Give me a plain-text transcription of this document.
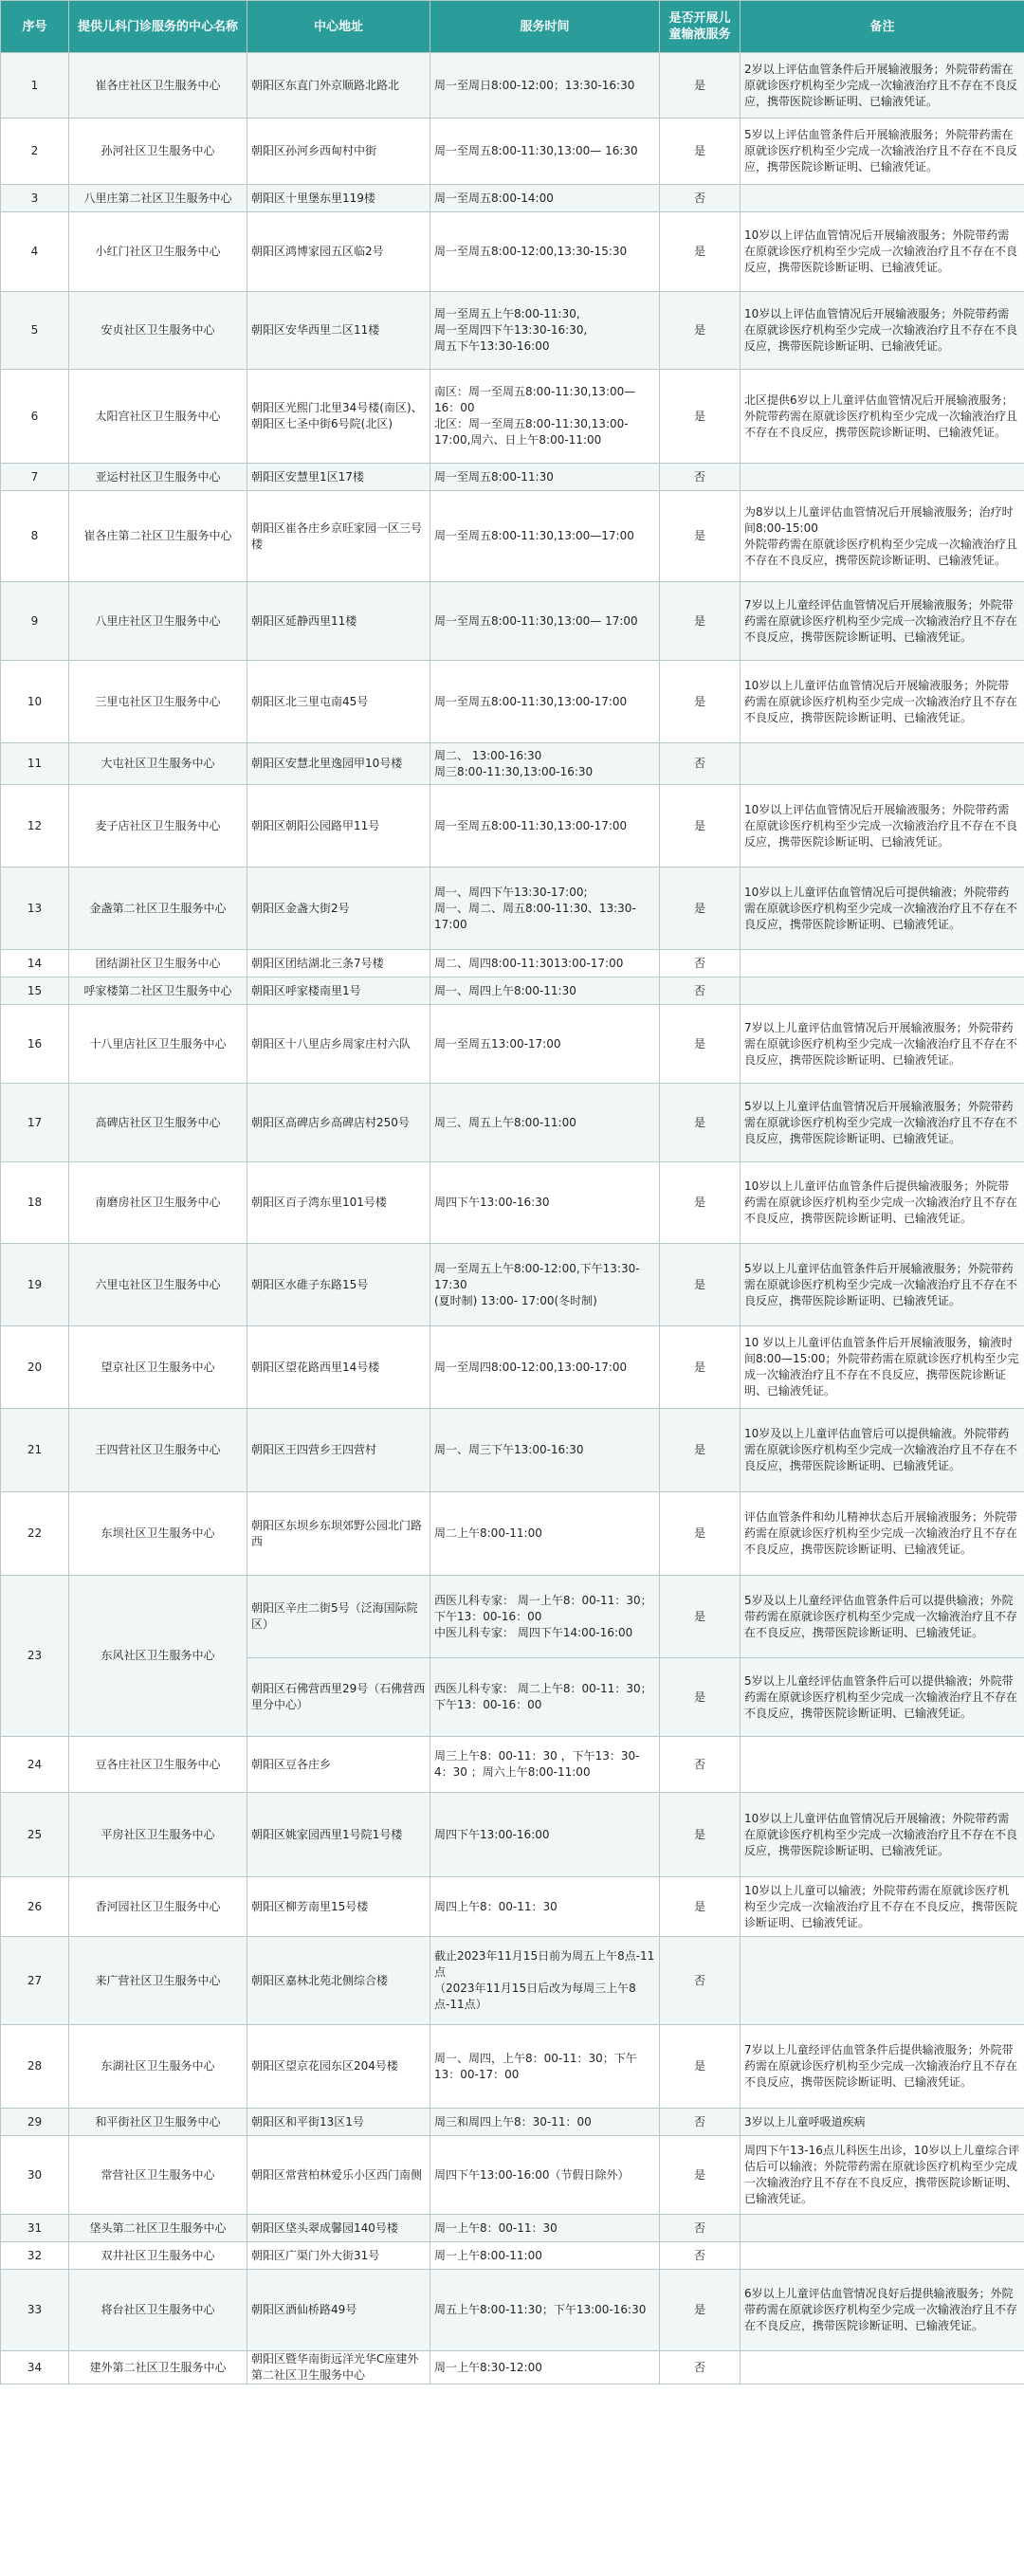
序号	提供儿科门诊服务的中心名称	中心地址	服务时间	是否开展儿童输液服务	备注
1	崔各庄社区卫生服务中心	朝阳区东直门外京顺路北路北	周一至周日8:00-12:00；13:30-16:30	是	2岁以上评估血管条件后开展输液服务；外院带药需在原就诊医疗机构至少完成一次输液治疗且不存在不良反应，携带医院诊断证明、已输液凭证。
2	孙河社区卫生服务中心	朝阳区孙河乡西甸村中街	周一至周五8:00-11:30,13:00— 16:30	是	5岁以上评估血管条件后开展输液服务；外院带药需在原就诊医疗机构至少完成一次输液治疗且不存在不良反应，携带医院诊断证明、已输液凭证。
3	八里庄第二社区卫生服务中心	朝阳区十里堡东里119楼	周一至周五8:00-14:00	否	
4	小红门社区卫生服务中心	朝阳区鸿博家园五区临2号	周一至周五8:00-12:00,13:30-15:30	是	10岁以上评估血管情况后开展输液服务；外院带药需在原就诊医疗机构至少完成一次输液治疗且不存在不良反应，携带医院诊断证明、已输液凭证。
5	安贞社区卫生服务中心	朝阳区安华西里二区11楼	周一至周五上午8:00-11:30,
周一至周四下午13:30-16:30,
周五下午13:30-16:00	是	10岁以上评估血管情况后开展输液服务；外院带药需在原就诊医疗机构至少完成一次输液治疗且不存在不良反应，携带医院诊断证明、已输液凭证。
6	太阳宫社区卫生服务中心	朝阳区光熙门北里34号楼(南区)、
朝阳区七圣中街6号院(北区)	南区：周一至周五8:00-11:30,13:00—16：00
北区：周一至周五8:00-11:30,13:00-17:00,周六、日上午8:00-11:00	是	北区提供6岁以上儿童评估血管情况后开展输液服务；外院带药需在原就诊医疗机构至少完成一次输液治疗且不存在不良反应，携带医院诊断证明、已输液凭证。
7	亚运村社区卫生服务中心	朝阳区安慧里1区17楼	周一至周五8:00-11:30	否	
8	崔各庄第二社区卫生服务中心	朝阳区崔各庄乡京旺家园一区三号楼	周一至周五8:00-11:30,13:00—17:00	是	为8岁以上儿童评估血管情况后开展输液服务；治疗时间8:00-15:00
外院带药需在原就诊医疗机构至少完成一次输液治疗且不存在不良反应，携带医院诊断证明、已输液凭证。
9	八里庄社区卫生服务中心	朝阳区延静西里11楼	周一至周五8:00-11:30,13:00— 17:00	是	7岁以上儿童经评估血管情况后开展输液服务；外院带药需在原就诊医疗机构至少完成一次输液治疗且不存在不良反应，携带医院诊断证明、已输液凭证。
10	三里屯社区卫生服务中心	朝阳区北三里屯南45号	周一至周五8:00-11:30,13:00-17:00	是	10岁以上儿童评估血管情况后开展输液服务；外院带药需在原就诊医疗机构至少完成一次输液治疗且不存在不良反应，携带医院诊断证明、已输液凭证。
11	大屯社区卫生服务中心	朝阳区安慧北里逸园甲10号楼	周二、 13:00-16:30
周三8:00-11:30,13:00-16:30	否	
12	麦子店社区卫生服务中心	朝阳区朝阳公园路甲11号	周一至周五8:00-11:30,13:00-17:00	是	10岁以上评估血管情况后开展输液服务；外院带药需在原就诊医疗机构至少完成一次输液治疗且不存在不良反应，携带医院诊断证明、已输液凭证。
13	金盏第二社区卫生服务中心	朝阳区金盏大街2号	周一、周四下午13:30-17:00;
周一、周二、周五8:00-11:30、13:30-17:00	是	10岁以上儿童评估血管情况后可提供输液；外院带药需在原就诊医疗机构至少完成一次输液治疗且不存在不良反应，携带医院诊断证明、已输液凭证。
14	团结湖社区卫生服务中心	朝阳区团结湖北三条7号楼	周二、周四8:00-11:3013:00-17:00	否	
15	呼家楼第二社区卫生服务中心	朝阳区呼家楼南里1号	周一、周四上午8:00-11:30	否	
16	十八里店社区卫生服务中心	朝阳区十八里店乡周家庄村六队	周一至周五13:00-17:00	是	7岁以上儿童评估血管情况后开展输液服务；外院带药需在原就诊医疗机构至少完成一次输液治疗且不存在不良反应，携带医院诊断证明、已输液凭证。
17	高碑店社区卫生服务中心	朝阳区高碑店乡高碑店村250号	周三、周五上午8:00-11:00	是	5岁以上儿童评估血管情况后开展输液服务；外院带药需在原就诊医疗机构至少完成一次输液治疗且不存在不良反应，携带医院诊断证明、已输液凭证。
18	南磨房社区卫生服务中心	朝阳区百子湾东里101号楼	周四下午13:00-16:30	是	10岁以上儿童评估血管条件后提供输液服务；外院带药需在原就诊医疗机构至少完成一次输液治疗且不存在不良反应，携带医院诊断证明、已输液凭证。
19	六里屯社区卫生服务中心	朝阳区水碓子东路15号	周一至周五上午8:00-12:00,下午13:30-17:30
(夏时制) 13:00- 17:00(冬时制)	是	5岁以上儿童评估血管条件后开展输液服务；外院带药需在原就诊医疗机构至少完成一次输液治疗且不存在不良反应，携带医院诊断证明、已输液凭证。
20	望京社区卫生服务中心	朝阳区望花路西里14号楼	周一至周四8:00-12:00,13:00-17:00	是	10 岁以上儿童评估血管条件后开展输液服务，输液时间8:00—15:00；外院带药需在原就诊医疗机构至少完成一次输液治疗且不存在不良反应，携带医院诊断证明、已输液凭证。
21	王四营社区卫生服务中心	朝阳区王四营乡王四营村	周一、周三下午13:00-16:30	是	10岁及以上儿童评估血管后可以提供输液。外院带药需在原就诊医疗机构至少完成一次输液治疗且不存在不良反应，携带医院诊断证明、已输液凭证。
22	东坝社区卫生服务中心	朝阳区东坝乡东坝郊野公园北门路西	周二上午8:00-11:00	是	评估血管条件和幼儿精神状态后开展输液服务；外院带药需在原就诊医疗机构至少完成一次输液治疗且不存在不良反应，携带医院诊断证明、已输液凭证。
23	东风社区卫生服务中心	朝阳区辛庄二街5号（泛海国际院区）	西医儿科专家： 周一上午8：00-11：30； 下午13：00-16：00
中医儿科专家： 周四下午14:00-16:00	是	5岁及以上儿童经评估血管条件后可以提供输液；外院带药需在原就诊医疗机构至少完成一次输液治疗且不存在不良反应，携带医院诊断证明、已输液凭证。
		朝阳区石佛营西里29号（石佛营西里分中心）	西医儿科专家： 周二上午8：00-11：30； 下午13：00-16：00	是	5岁以上儿童经评估血管条件后可以提供输液；外院带药需在原就诊医疗机构至少完成一次输液治疗且不存在不良反应，携带医院诊断证明、已输液凭证。
24	豆各庄社区卫生服务中心	朝阳区豆各庄乡	周三上午8：00-11：30 ，下午13：30-4：30 ；周六上午8:00-11:00	否	
25	平房社区卫生服务中心	朝阳区姚家园西里1号院1号楼	周四下午13:00-16:00	是	10岁以上儿童评估血管情况后开展输液；外院带药需在原就诊医疗机构至少完成一次输液治疗且不存在不良反应，携带医院诊断证明、已输液凭证。
26	香河园社区卫生服务中心	朝阳区柳芳南里15号楼	周四上午8：00-11：30	是	10岁以上儿童可以输液；外院带药需在原就诊医疗机构至少完成一次输液治疗且不存在不良反应，携带医院诊断证明、已输液凭证。
27	来广营社区卫生服务中心	朝阳区嘉林北苑北侧综合楼	截止2023年11月15日前为周五上午8点-11点
（2023年11月15日后改为每周三上午8点-11点）	否	
28	东湖社区卫生服务中心	朝阳区望京花园东区204号楼	周一、周四，上午8：00-11：30；下午13：00-17：00	是	7岁以上儿童经评估血管条件后提供输液服务；外院带药需在原就诊医疗机构至少完成一次输液治疗且不存在不良反应，携带医院诊断证明、已输液凭证。
29	和平街社区卫生服务中心	朝阳区和平街13区1号	周三和周四上午8：30-11：00	否	3岁以上儿童呼吸道疾病
30	常营社区卫生服务中心	朝阳区常营柏林爱乐小区西门南侧	周四下午13:00-16:00（节假日除外）	是	周四下午13-16点儿科医生出诊，10岁以上儿童综合评估后可以输液；外院带药需在原就诊医疗机构至少完成一次输液治疗且不存在不良反应，携带医院诊断证明、已输液凭证。
31	垡头第二社区卫生服务中心	朝阳区垡头翠成馨园140号楼	周一上午8：00-11：30	否	
32	双井社区卫生服务中心	朝阳区广渠门外大街31号	周一上午8:00-11:00	否	
33	将台社区卫生服务中心	朝阳区酒仙桥路49号	周五上午8:00-11:30；下午13:00-16:30	是	6岁以上儿童评估血管情况良好后提供输液服务；外院带药需在原就诊医疗机构至少完成一次输液治疗且不存在不良反应，携带医院诊断证明、已输液凭证。
34	建外第二社区卫生服务中心	朝阳区暨华南街远洋光华C座建外第二社区卫生服务中心	周一上午8:30-12:00	否	
